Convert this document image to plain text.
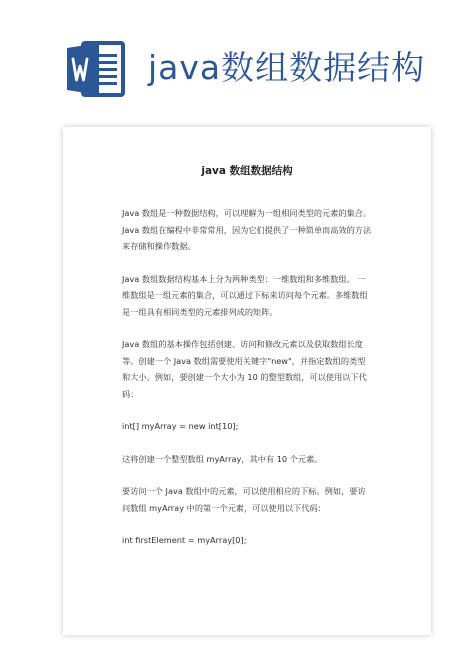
java数组数据结构
java 数组数据结构

Java 数组是一种数据结构，可以理解为一组相同类型的元素的集合。Java 数组在编程中非常常用，因为它们提供了一种简单而高效的方法来存储和操作数据。

Java 数组数据结构基本上分为两种类型：一维数组和多维数组。 一维数组是一组元素的集合，可以通过下标来访问每个元素。多维数组是一组具有相同类型的元素排列成的矩阵。

Java 数组的基本操作包括创建、访问和修改元素以及获取数组长度等。创建一个 Java 数组需要使用关键字"new"，并指定数组的类型和大小。例如，要创建一个大小为 10 的整型数组，可以使用以下代码：

int[] myArray = new int[10];

这将创建一个整型数组 myArray，其中有 10 个元素。

要访问一个 Java 数组中的元素，可以使用相应的下标。例如，要访问数组 myArray 中的第一个元素，可以使用以下代码：

int firstElement = myArray[0];
